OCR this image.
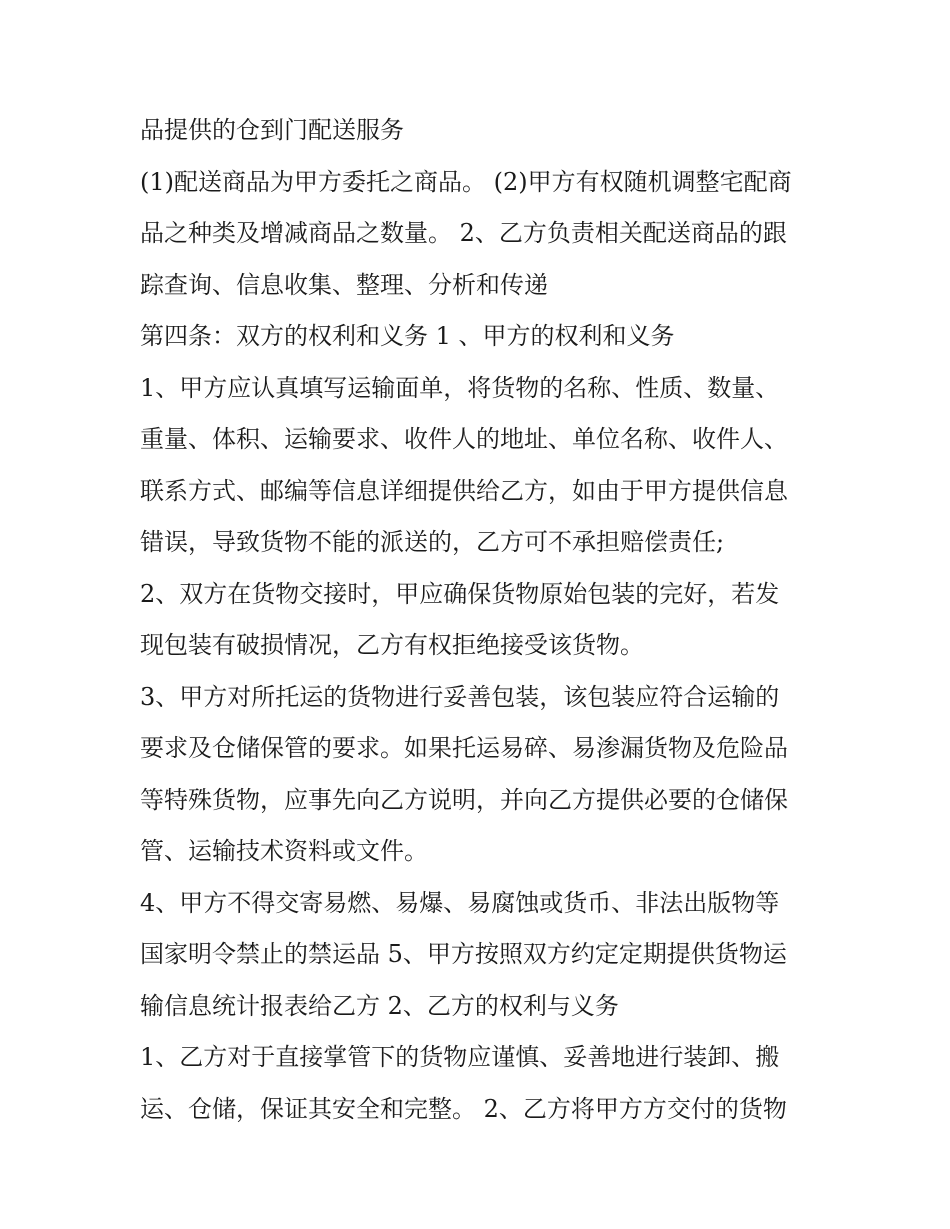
品提供的仓到门配送服务
(1)配送商品为甲方委托之商品。 (2)甲方有权随机调整宅配商
品之种类及增减商品之数量。 2、乙方负责相关配送商品的跟
踪查询、信息收集、整理、分析和传递
第四条：双方的权利和义务 1 、甲方的权利和义务
1、甲方应认真填写运输面单，将货物的名称、性质、数量、
重量、体积、运输要求、收件人的地址、单位名称、收件人、
联系方式、邮编等信息详细提供给乙方，如由于甲方提供信息
错误，导致货物不能的派送的，乙方可不承担赔偿责任;
2、双方在货物交接时，甲应确保货物原始包装的完好，若发
现包装有破损情况，乙方有权拒绝接受该货物。
3、甲方对所托运的货物进行妥善包装，该包装应符合运输的
要求及仓储保管的要求。如果托运易碎、易渗漏货物及危险品
等特殊货物，应事先向乙方说明，并向乙方提供必要的仓储保
管、运输技术资料或文件。
4、甲方不得交寄易燃、易爆、易腐蚀或货币、非法出版物等
国家明令禁止的禁运品 5、甲方按照双方约定定期提供货物运
输信息统计报表给乙方 2、乙方的权利与义务
1、乙方对于直接掌管下的货物应谨慎、妥善地进行装卸、搬
运、仓储，保证其安全和完整。 2、乙方将甲方方交付的货物
